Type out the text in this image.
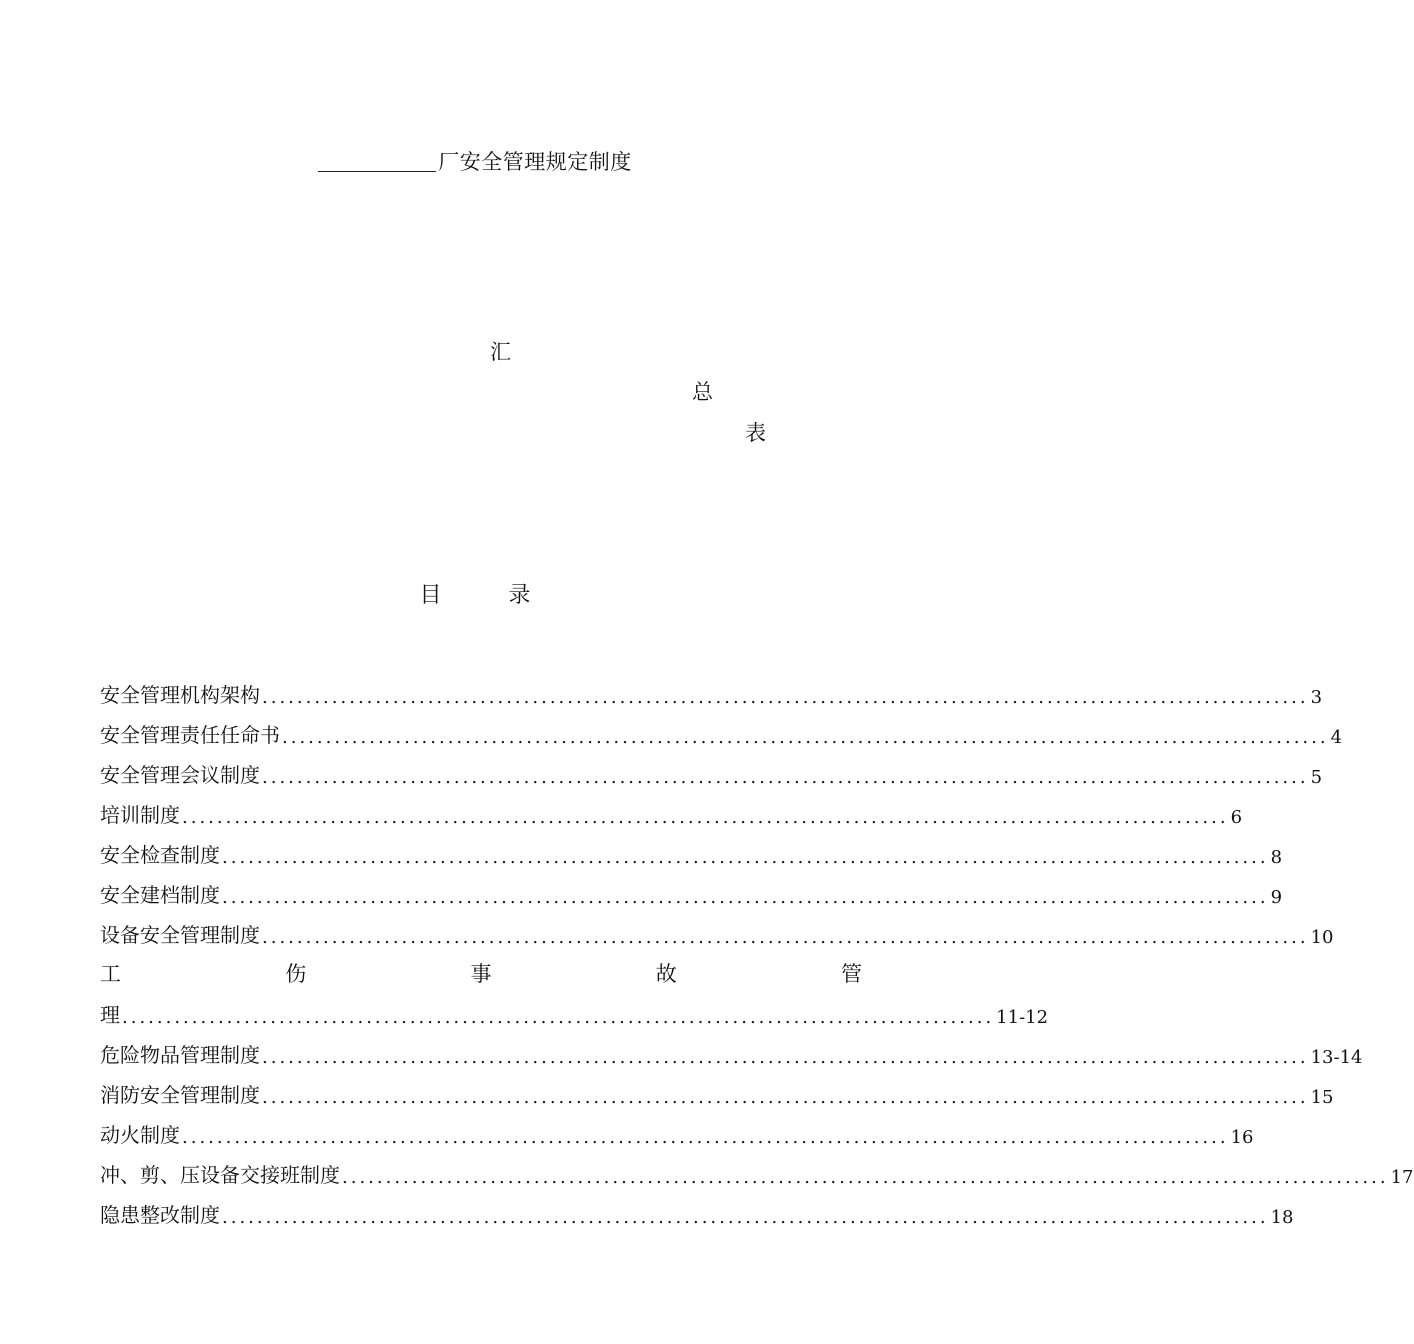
厂安全管理规定制度
汇
总
表
目 录
安全管理机构架构 ........................................................................................................................ 3
安全管理责任任命书 ........................................................................................................................ 4
安全管理会议制度 ........................................................................................................................ 5
培训制度 ........................................................................................................................ 6
安全检查制度 ........................................................................................................................ 8
安全建档制度 ........................................................................................................................ 9
设备安全管理制度 ........................................................................................................................ 10
工	伤	事	故	管
理 .................................................................................................... 11-12
危险物品管理制度 ........................................................................................................................ 13-14
消防安全管理制度 ........................................................................................................................ 15
动火制度 ........................................................................................................................ 16
冲、剪、压设备交接班制度 ........................................................................................................................ 17
隐患整改制度 ........................................................................................................................ 18
